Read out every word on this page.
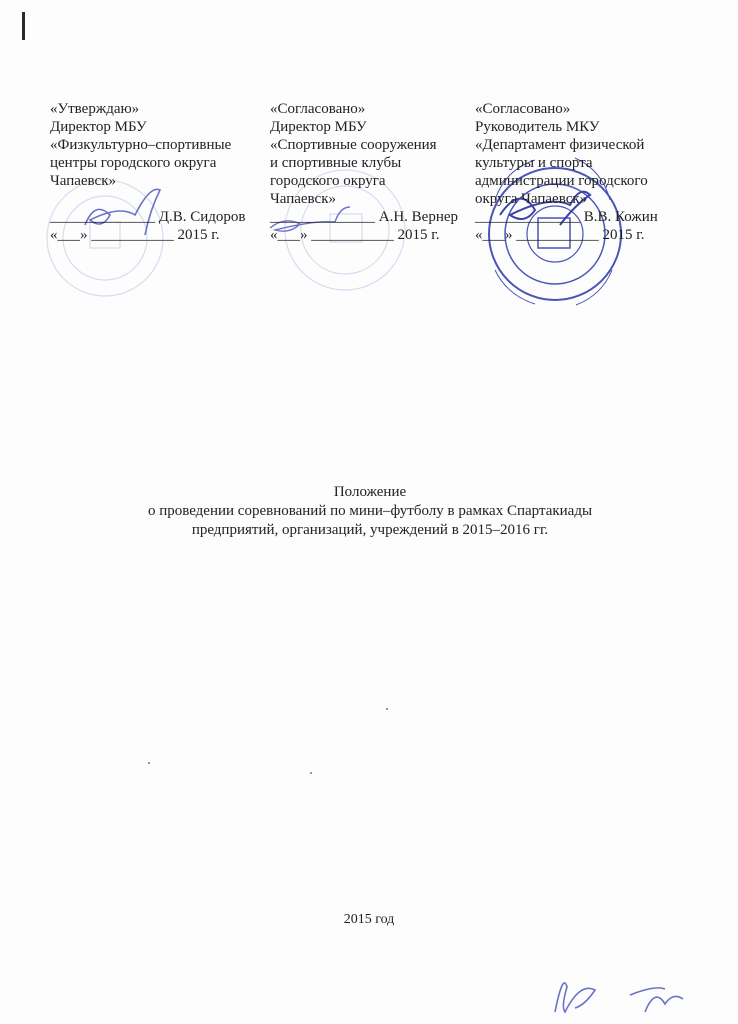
«Утверждаю»
Директор МБУ
«Физкультурно–спортивные
центры городского округа
Чапаевск»
______________ Д.В. Сидоров
«___» ___________ 2015 г.
«Согласовано»
Директор МБУ
«Спортивные сооружения
и спортивные клубы
городского округа
Чапаевск»
______________ А.Н. Вернер
«___» ___________ 2015 г.
«Согласовано»
Руководитель МКУ
«Департамент физической
культуры и спорта
администрации городского
округа Чапаевск»
______________ В.В. Кожин
«___» ___________ 2015 г.
Положение
о проведении соревнований по мини–футболу в рамках Спартакиады
предприятий, организаций, учреждений в 2015–2016 гг.
2015 год
